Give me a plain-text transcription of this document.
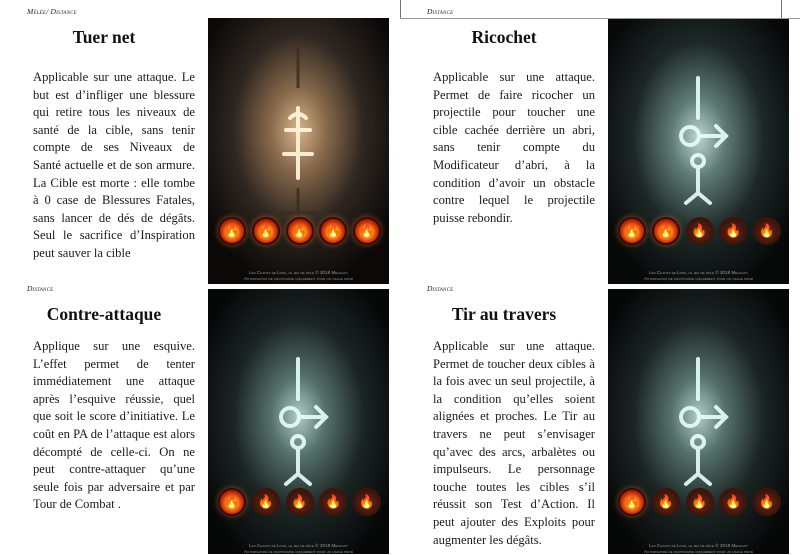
Mêlée/ Distance
Tuer net
Applicable sur une attaque. Le but est d’infliger une blessure qui retire tous les niveaux de santé de la cible, sans tenir compte de ses Niveaux de Santé actuelle et de son armure. La Cible est morte : elle tombe à 0 case de Blessures Fatales, sans lancer de dés de dégâts. Seul le sacrifice d’Inspiration peut sauver la cible
🔥 🔥 🔥 🔥 🔥
Les Chants de Loss, le jeu de rôle © 2018 Menagot
Autorisation de photocopie uniquement pour un usage privé
Distance
Ricochet
Applicable sur une attaque. Permet de faire ricocher un projectile pour toucher une cible cachée derrière un abri, sans tenir compte du Modificateur d’abri, à la condition d’avoir un obstacle contre lequel le projectile puisse rebondir.
🔥 🔥 🔥 🔥 🔥
Les Chants de Loss, le jeu de rôle © 2018 Menagot
Autorisation de photocopie uniquement pour un usage privé
Distance
Contre-attaque
Applique sur une esquive. L’effet permet de tenter immédiatement une attaque après l’esquive réussie, quel que soit le score d’initiative. Le coût en PA de l’attaque est alors décompté de celle-ci. On ne peut contre-attaquer qu’une seule fois par adversaire et par Tour de Combat .	🔥 🔥 🔥 🔥 🔥
Les Chants de Loss, le jeu de rôle © 2018 Menagot
Autorisation de photocopie uniquement pour un usage privé
Distance
Tir au travers
Applicable sur une attaque. Permet de toucher deux cibles à la fois avec un seul projectile, à la condition qu’elles soient alignées et proches. Le Tir au travers ne peut s’envisager qu’avec des arcs, arbalètes ou impulseurs. Le personnage touche toutes les cibles s’il réussit son Test d’Action. Il peut ajouter des Exploits pour augmenter les dégâts.
🔥 🔥 🔥 🔥 🔥
Les Chants de Loss, le jeu de rôle © 2018 Menagot
Autorisation de photocopie uniquement pour un usage privé
